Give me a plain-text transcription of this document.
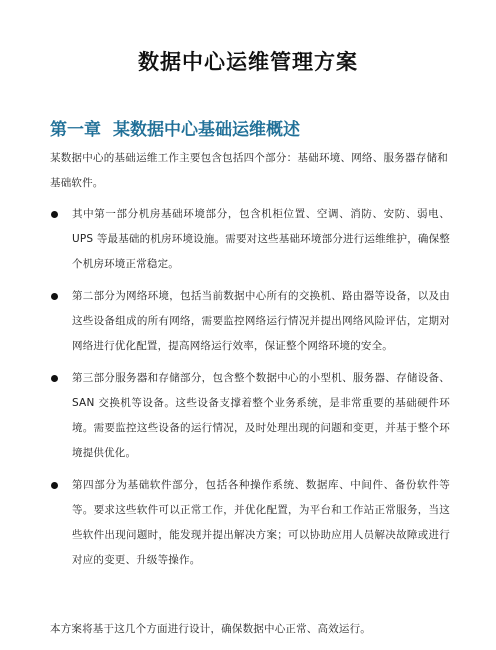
数据中心运维管理方案
第一章 某数据中心基础运维概述

某数据中心的基础运维工作主要包含包括四个部分：基础环境、网络、服务器存储和基础软件。

其中第一部分机房基础环境部分，包含机柜位置、空调、消防、安防、弱电、UPS 等最基础的机房环境设施。需要对这些基础环境部分进行运维维护，确保整个机房环境正常稳定。
第二部分为网络环境，包括当前数据中心所有的交换机、路由器等设备，以及由这些设备组成的所有网络，需要监控网络运行情况并提出网络风险评估，定期对网络进行优化配置，提高网络运行效率，保证整个网络环境的安全。
第三部分服务器和存储部分，包含整个数据中心的小型机、服务器、存储设备、SAN 交换机等设备。这些设备支撑着整个业务系统，是非常重要的基础硬件环境。需要监控这些设备的运行情况，及时处理出现的问题和变更，并基于整个环境提供优化。
第四部分为基础软件部分，包括各种操作系统、数据库、中间件、备份软件等等。要求这些软件可以正常工作，并优化配置，为平台和工作站正常服务，当这些软件出现问题时，能发现并提出解决方案；可以协助应用人员解决故障或进行对应的变更、升级等操作。

本方案将基于这几个方面进行设计，确保数据中心正常、高效运行。
